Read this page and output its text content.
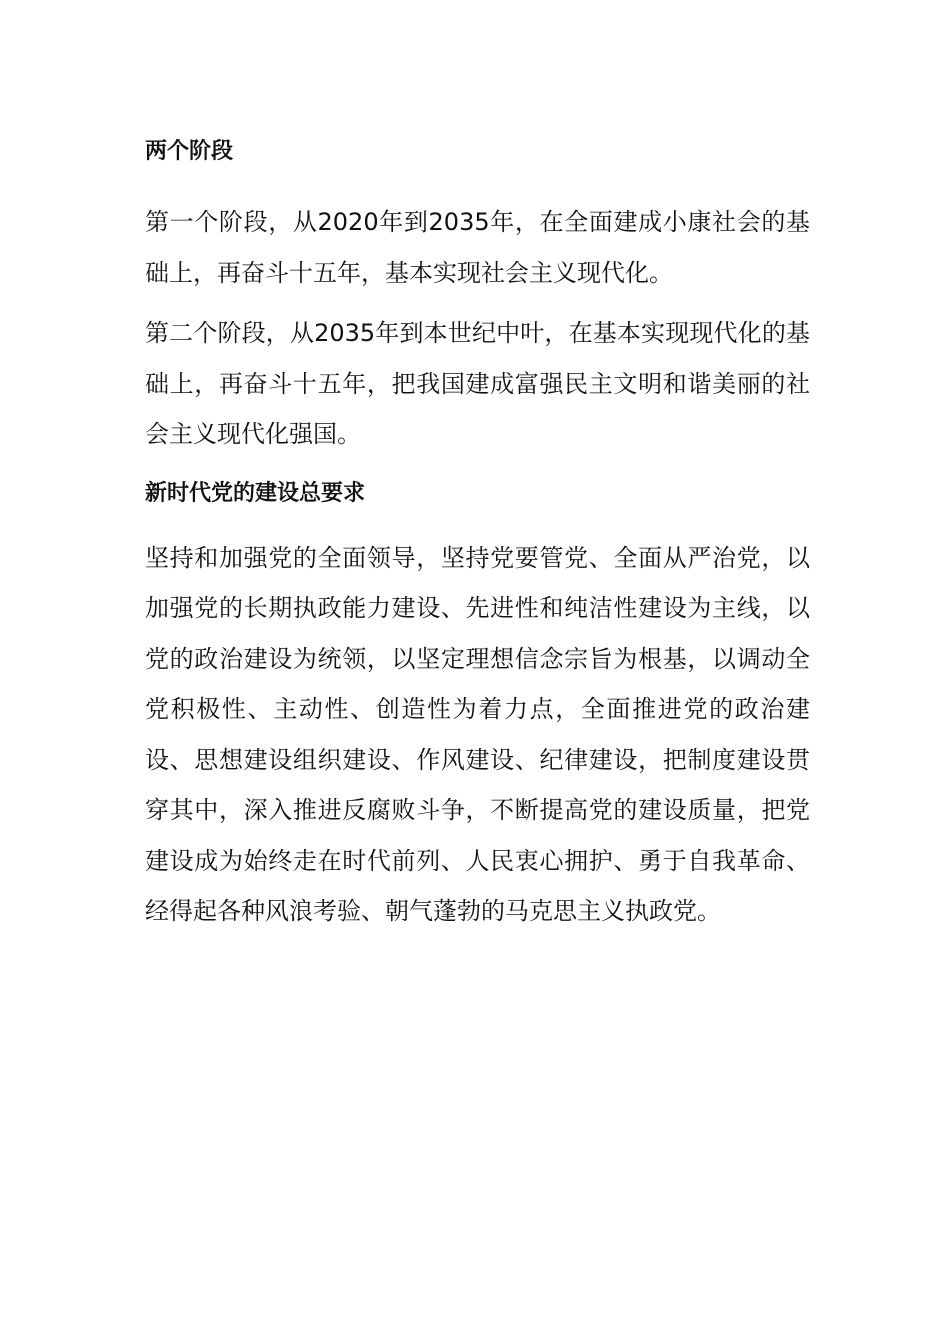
两个阶段

第一个阶段，从2020年到2035年，在全面建成小康社会的基础上，再奋斗十五年，基本实现社会主义现代化。

第二个阶段，从2035年到本世纪中叶，在基本实现现代化的基础上，再奋斗十五年，把我国建成富强民主文明和谐美丽的社会主义现代化强国。

新时代党的建设总要求

坚持和加强党的全面领导，坚持党要管党、全面从严治党，以加强党的长期执政能力建设、先进性和纯洁性建设为主线，以党的政治建设为统领，以坚定理想信念宗旨为根基，以调动全党积极性、主动性、创造性为着力点，全面推进党的政治建设、思想建设组织建设、作风建设、纪律建设，把制度建设贯穿其中，深入推进反腐败斗争，不断提高党的建设质量，把党建设成为始终走在时代前列、人民衷心拥护、勇于自我革命、经得起各种风浪考验、朝气蓬勃的马克思主义执政党。
